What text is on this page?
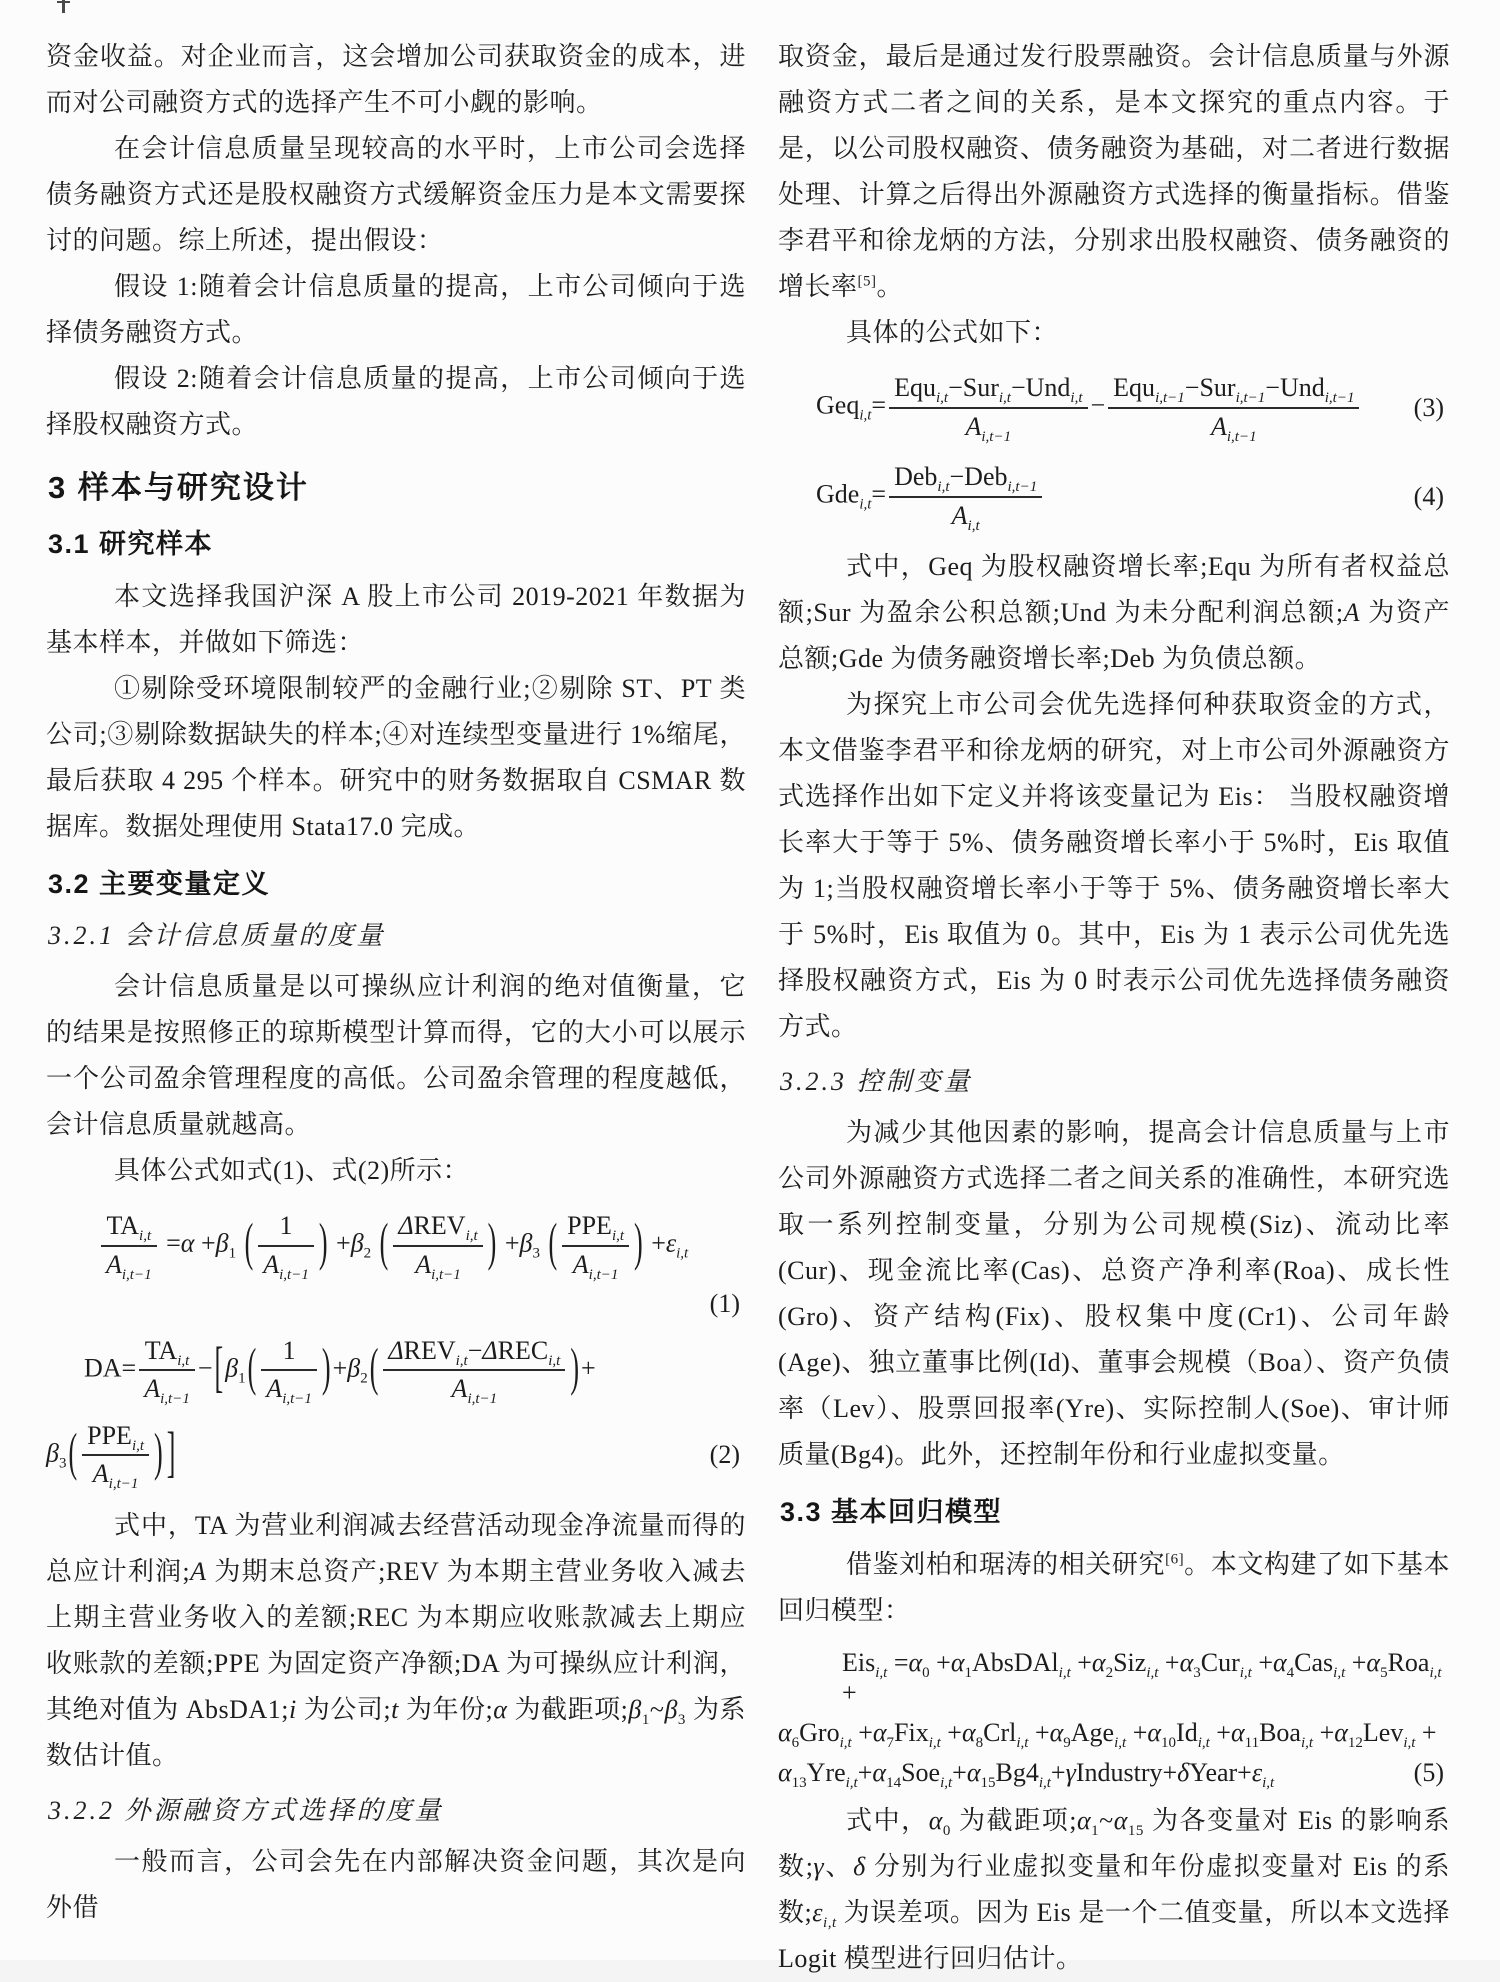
资金收益。对企业而言，这会增加公司获取资金的成本，进而对公司融资方式的选择产生不可小觑的影响。

在会计信息质量呈现较高的水平时，上市公司会选择债务融资方式还是股权融资方式缓解资金压力是本文需要探讨的问题。综上所述，提出假设：

假设 1:随着会计信息质量的提高，上市公司倾向于选择债务融资方式。

假设 2:随着会计信息质量的提高，上市公司倾向于选择股权融资方式。

3 样本与研究设计
3.1 研究样本

本文选择我国沪深 A 股上市公司 2019-2021 年数据为基本样本，并做如下筛选：

①剔除受环境限制较严的金融行业;②剔除 ST、PT 类公司;③剔除数据缺失的样本;④对连续型变量进行 1%缩尾，最后获取 4 295 个样本。研究中的财务数据取自 CSMAR 数据库。数据处理使用 Stata17.0 完成。

3.2 主要变量定义
3.2.1 会计信息质量的度量

会计信息质量是以可操纵应计利润的绝对值衡量，它的结果是按照修正的琼斯模型计算而得，它的大小可以展示一个公司盈余管理程度的高低。公司盈余管理的程度越低，会计信息质量就越高。

具体公式如式(1)、式(2)所示：

$TA_{i,t}$
$A_{i,t-1}$
$=\alpha +\beta_1$ ( $\frac{1}{A_{i,t-1}}$ ) $+\beta_2$ ( $\Delta REV_{i,t}$
$A_{i,t-1}$
) $+\beta_3$ ( $PPE_{i,t}$
$A_{i,t-1}$
) $+\varepsilon_{i,t}$
(1)
DA=
$TA_{i,t}$
$A_{i,t-1}$
$-[\beta_1( \frac{1}{A_{i,t-1}} )+\beta_2$( $\Delta REV_{i,t}-\Delta REC_{i,t}$
$A_{i,t-1}$
)+
$\beta_3$( $PPE_{i,t}$
$A_{i,t-1}$
) ]	(2)

式中，TA 为营业利润减去经营活动现金净流量而得的总应计利润;A 为期末总资产;REV 为本期主营业务收入减去上期主营业务收入的差额;REC 为本期应收账款减去上期应收账款的差额;PPE 为固定资产净额;DA 为可操纵应计利润， 其绝对值为 AbsDA1;i 为公司;t 为年份;α 为截距项$;\beta_1\sim\beta_3$ 为系数估计值。

3.2.2 外源融资方式选择的度量

一般而言，公司会先在内部解决资金问题，其次是向外借

取资金，最后是通过发行股票融资。会计信息质量与外源融资方式二者之间的关系，是本文探究的重点内容。于是，以公司股权融资、债务融资为基础，对二者进行数据处理、计算之后得出外源融资方式选择的衡量指标。借鉴李君平和徐龙炳的方法，分别求出股权融资、债务融资的增长率[5]。

具体的公式如下：

Geq$_{i,t}$=
Equ$_{i,t}$−Sur$_{i,t}$−Und$_{i,t}$
$A_{i,t-1}$
−
Equ$_{i,t-1}$−Sur$_{i,t-1}$−Und$_{i,t-1}$
$A_{i,t-1}$
(3)
Gde$_{i,t}$=
Deb$_{i,t}$−Deb$_{i,t-1}$
$A_{i,t}$
(4)

式中，Geq 为股权融资增长率;Equ 为所有者权益总额;Sur 为盈余公积总额;Und 为未分配利润总额;A 为资产总额;Gde 为债务融资增长率;Deb 为负债总额。

为探究上市公司会优先选择何种获取资金的方式，本文借鉴李君平和徐龙炳的研究，对上市公司外源融资方式选择作出如下定义并将该变量记为 Eis： 当股权融资增长率大于等于 5%、债务融资增长率小于 5%时，Eis 取值为 1;当股权融资增长率小于等于 5%、债务融资增长率大于 5%时，Eis 取值为 0。其中，Eis 为 1 表示公司优先选择股权融资方式，Eis 为 0 时表示公司优先选择债务融资方式。

3.2.3 控制变量

为减少其他因素的影响，提高会计信息质量与上市公司外源融资方式选择二者之间关系的准确性，本研究选取一系列控制变量，分别为公司规模(Siz)、流动比率(Cur)、现金流比率(Cas)、总资产净利率(Roa)、成长性(Gro)、资产结构(Fix)、股权集中度(Cr1)、公司年龄(Age)、独立董事比例(Id)、董事会规模（Boa）、资产负债率（Lev）、股票回报率(Yre)、实际控制人(Soe)、审计师质量(Bg4)。此外，还控制年份和行业虚拟变量。

3.3 基本回归模型

借鉴刘柏和琚涛的相关研究[6]。本文构建了如下基本回归模型：

$Eis_{i,t} =\alpha_0$ $+\alpha_1AbsDAl_{i,t} +\alpha_2Siz_{i,t} +\alpha_3Cur_{i,t} +\alpha_4Cas_{i,t} +\alpha_5Roa_{i,t}$ +
$\alpha_6Gro_{i,t} +\alpha_7Fix_{i,t} +\alpha_8Crl_{i,t} +\alpha_9Age_{i,t} +\alpha_{10}Id_{i,t} +\alpha_{11}Boa_{i,t} +\alpha_{12}Lev_{i,t}$ +
$\alpha_{13}Yre_{i,t}+\alpha_{14}Soe_{i,t}+\alpha_{15}Bg4_{i,t}+\gamma Industry+\delta Year+\varepsilon_{i,t}$	(5)

式中，$\alpha_0$ 为截距项$;\alpha_1\sim\alpha_{15}$ 为各变量对 Eis 的影响系数;γ、δ 分别为行业虚拟变量和年份虚拟变量对 Eis 的系数$;\varepsilon_{i,t}$ 为误差项。因为 Eis 是一个二值变量，所以本文选择 Logit 模型进行回归估计。
